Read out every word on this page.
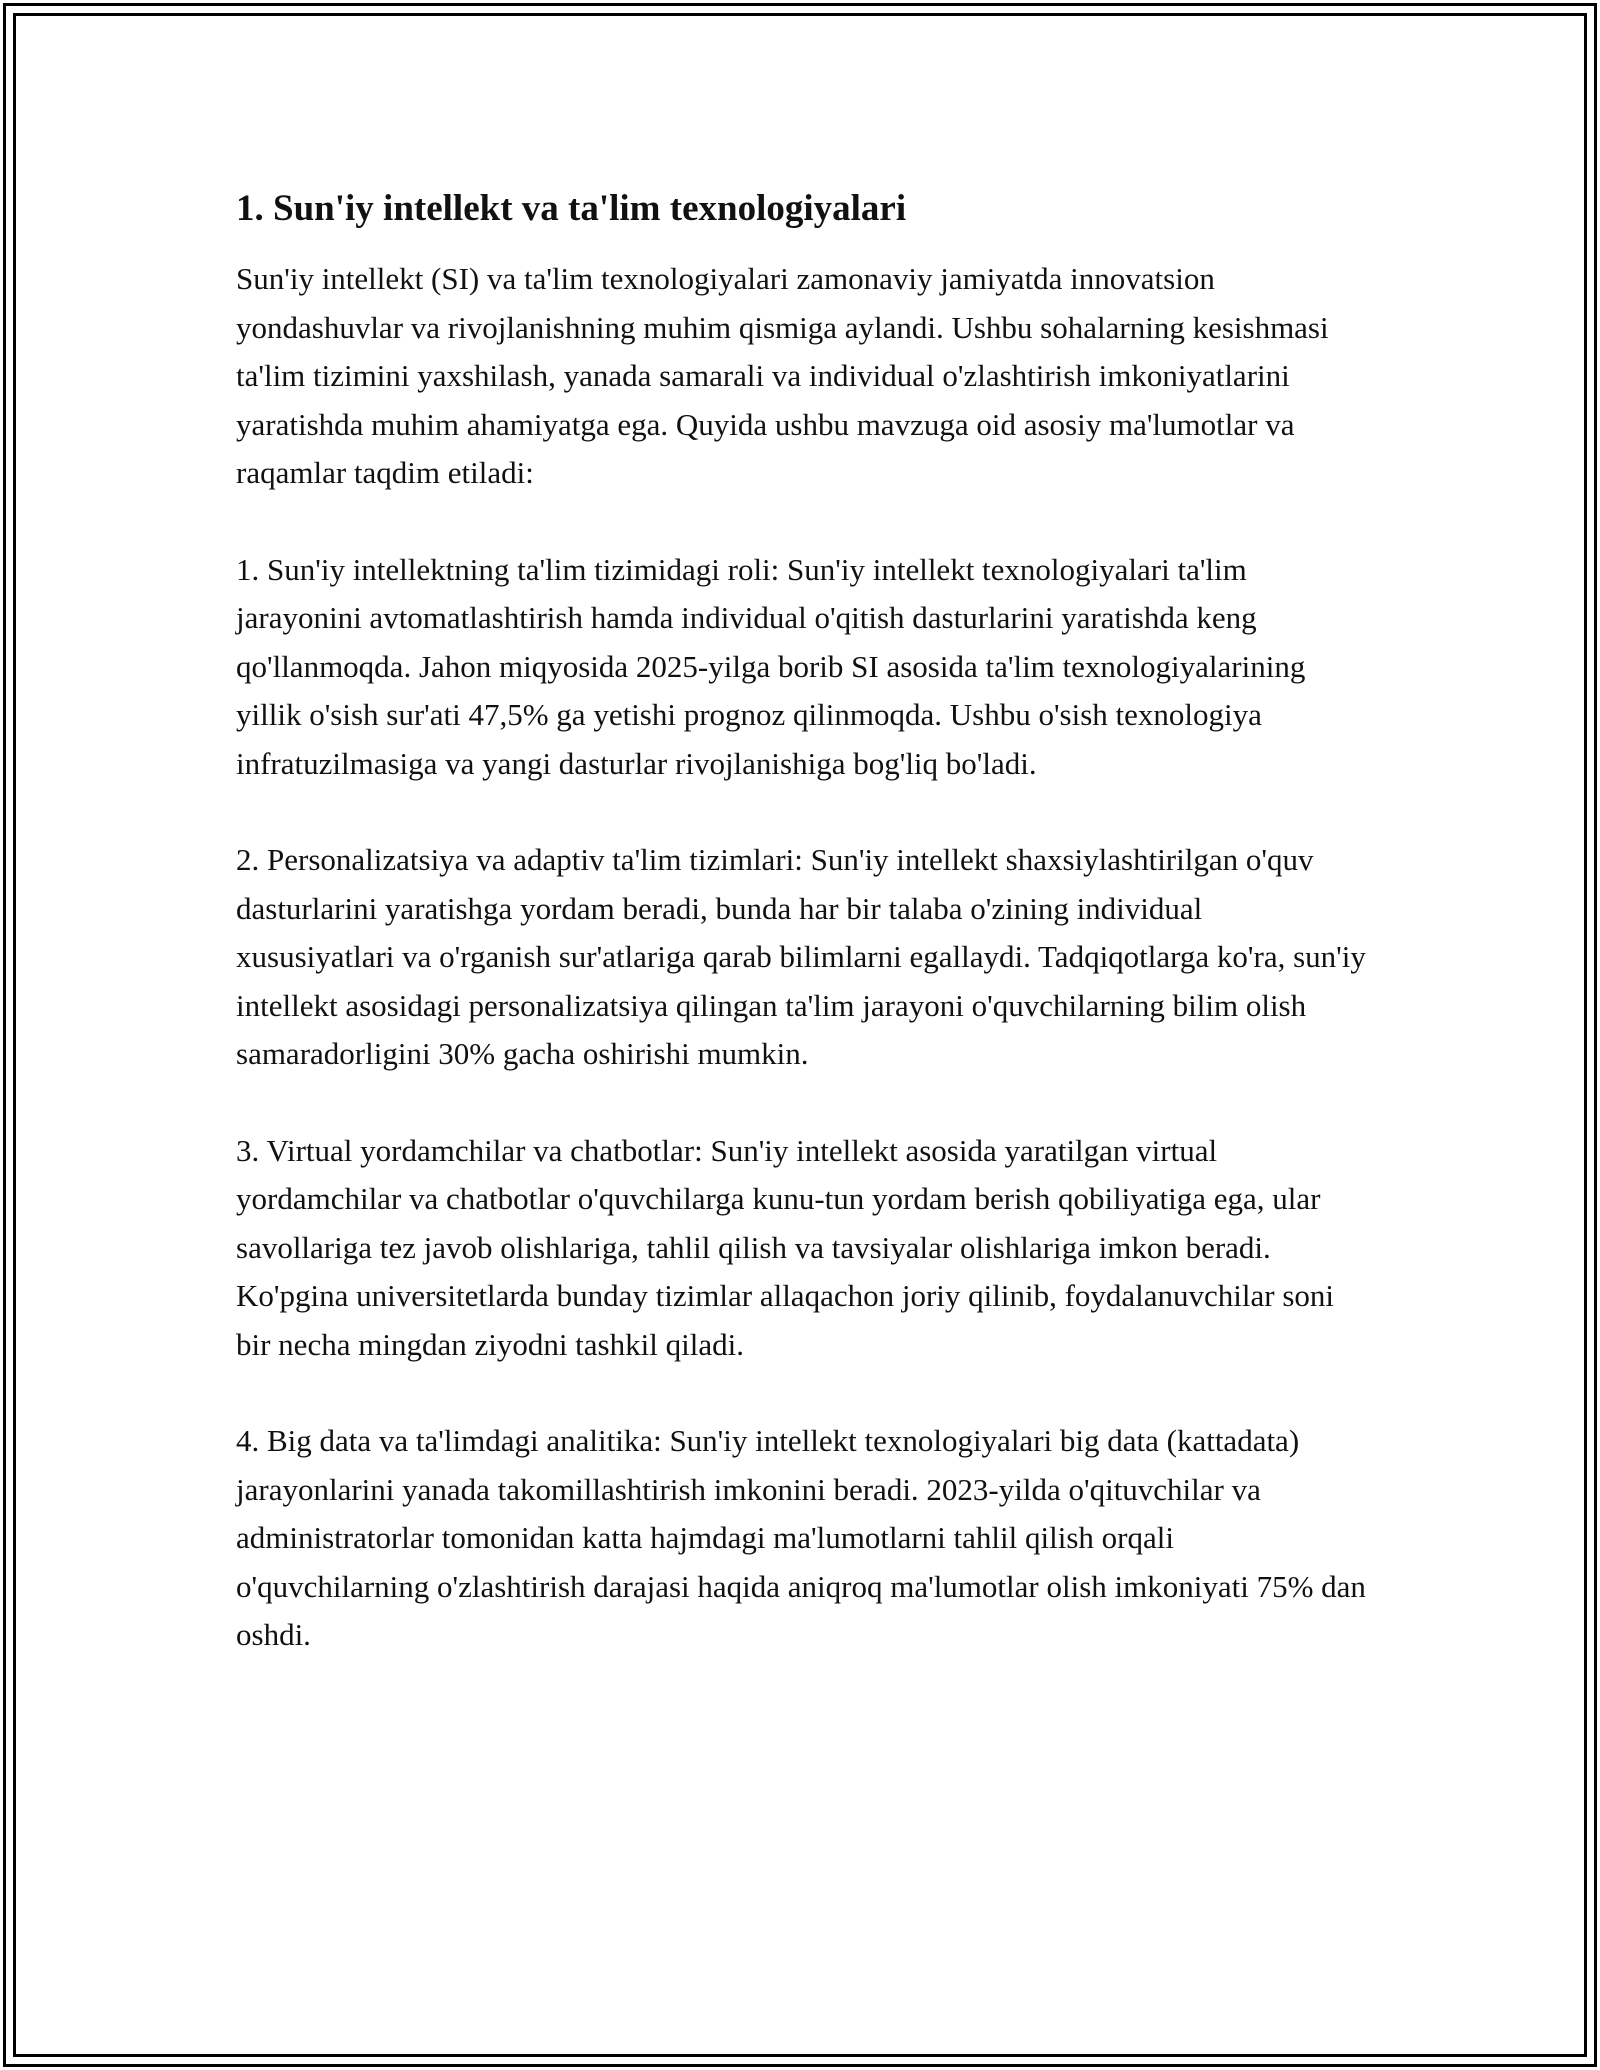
1. Sun'iy intellekt va ta'lim texnologiyalari

Sun'iy intellekt (SI) va ta'lim texnologiyalari zamonaviy jamiyatda innovatsion yondashuvlar va rivojlanishning muhim qismiga aylandi. Ushbu sohalarning kesishmasi ta'lim tizimini yaxshilash, yanada samarali va individual o'zlashtirish imkoniyatlarini yaratishda muhim ahamiyatga ega. Quyida ushbu mavzuga oid asosiy ma'lumotlar va raqamlar taqdim etiladi:

1. Sun'iy intellektning ta'lim tizimidagi roli: Sun'iy intellekt texnologiyalari ta'lim jarayonini avtomatlashtirish hamda individual o'qitish dasturlarini yaratishda keng qo'llanmoqda. Jahon miqyosida 2025-yilga borib SI asosida ta'lim texnologiyalarining yillik o'sish sur'ati 47,5% ga yetishi prognoz qilinmoqda. Ushbu o'sish texnologiya infratuzilmasiga va yangi dasturlar rivojlanishiga bog'liq bo'ladi.

2. Personalizatsiya va adaptiv ta'lim tizimlari: Sun'iy intellekt shaxsiylashtirilgan o'quv dasturlarini yaratishga yordam beradi, bunda har bir talaba o'zining individual xususiyatlari va o'rganish sur'atlariga qarab bilimlarni egallaydi. Tadqiqotlarga ko'ra, sun'iy intellekt asosidagi personalizatsiya qilingan ta'lim jarayoni o'quvchilarning bilim olish samaradorligini 30% gacha oshirishi mumkin.

3. Virtual yordamchilar va chatbotlar: Sun'iy intellekt asosida yaratilgan virtual yordamchilar va chatbotlar o'quvchilarga kunu-tun yordam berish qobiliyatiga ega, ular savollariga tez javob olishlariga, tahlil qilish va tavsiyalar olishlariga imkon beradi. Ko'pgina universitetlarda bunday tizimlar allaqachon joriy qilinib, foydalanuvchilar soni bir necha mingdan ziyodni tashkil qiladi.

4. Big data va ta'limdagi analitika: Sun'iy intellekt texnologiyalari big data (kattadata) jarayonlarini yanada takomillashtirish imkonini beradi. 2023-yilda o'qituvchilar va administratorlar tomonidan katta hajmdagi ma'lumotlarni tahlil qilish orqali o'quvchilarning o'zlashtirish darajasi haqida aniqroq ma'lumotlar olish imkoniyati 75% dan oshdi.
